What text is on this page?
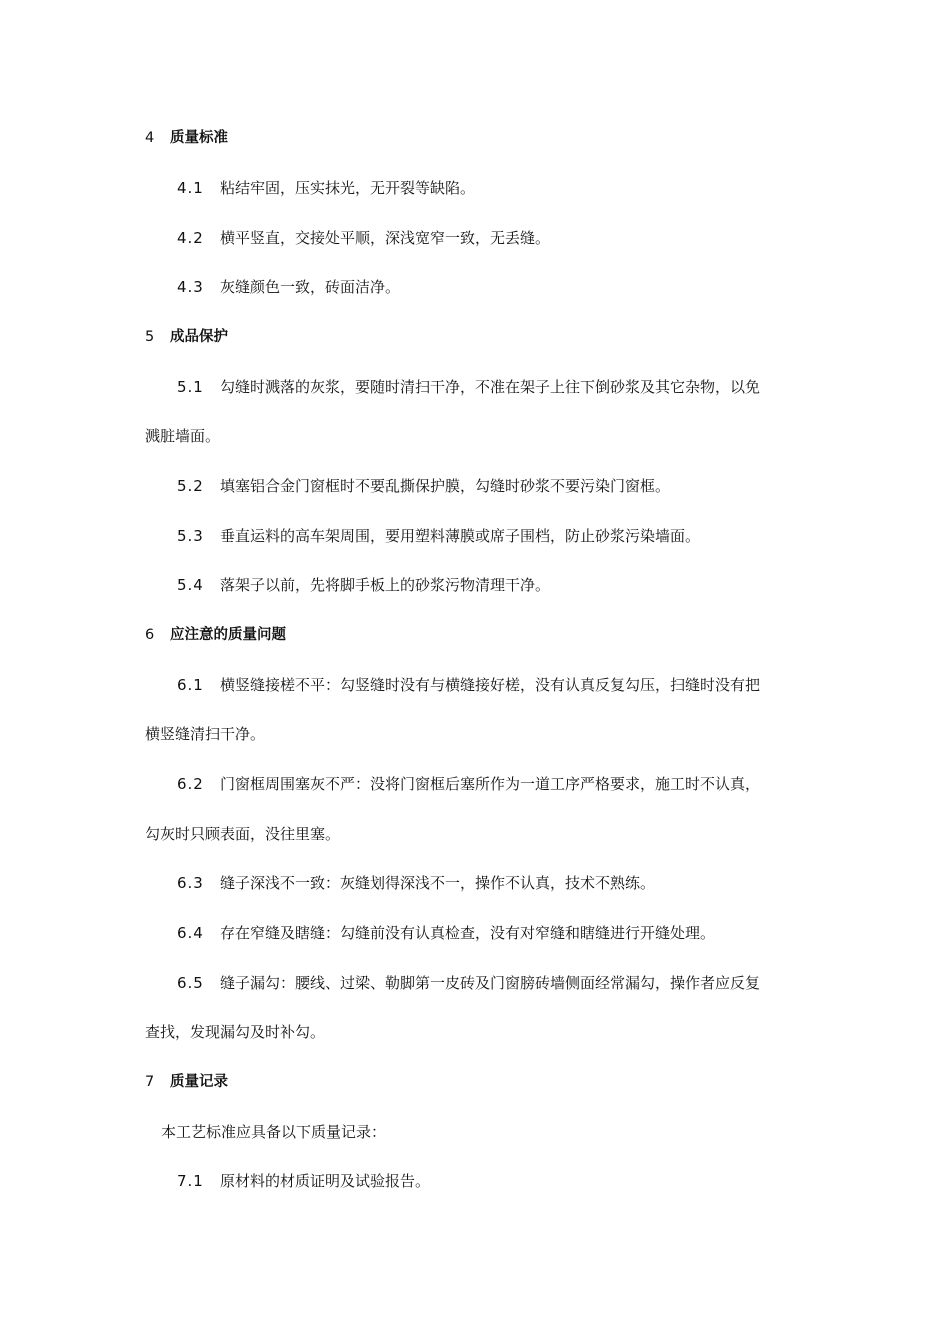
4 质量标准
4.1 粘结牢固，压实抹光，无开裂等缺陷。
4.2 横平竖直，交接处平顺，深浅宽窄一致，无丢缝。
4.3 灰缝颜色一致，砖面洁净。
5 成品保护
5.1 勾缝时溅落的灰浆，要随时清扫干净，不准在架子上往下倒砂浆及其它杂物，以免
溅脏墙面。
5.2 填塞铝合金门窗框时不要乱撕保护膜，勾缝时砂浆不要污染门窗框。
5.3 垂直运料的高车架周围，要用塑料薄膜或席子围档，防止砂浆污染墙面。
5.4 落架子以前，先将脚手板上的砂浆污物清理干净。
6 应注意的质量问题
6.1 横竖缝接槎不平：勾竖缝时没有与横缝接好槎，没有认真反复勾压，扫缝时没有把
横竖缝清扫干净。
6.2 门窗框周围塞灰不严：没将门窗框后塞所作为一道工序严格要求，施工时不认真，
勾灰时只顾表面，没往里塞。
6.3 缝子深浅不一致：灰缝划得深浅不一，操作不认真，技术不熟练。
6.4 存在窄缝及瞎缝：勾缝前没有认真检查，没有对窄缝和瞎缝进行开缝处理。
6.5 缝子漏勾：腰线、过梁、勒脚第一皮砖及门窗膀砖墙侧面经常漏勾，操作者应反复
查找，发现漏勾及时补勾。
7 质量记录
本工艺标准应具备以下质量记录：
7.1 原材料的材质证明及试验报告。
